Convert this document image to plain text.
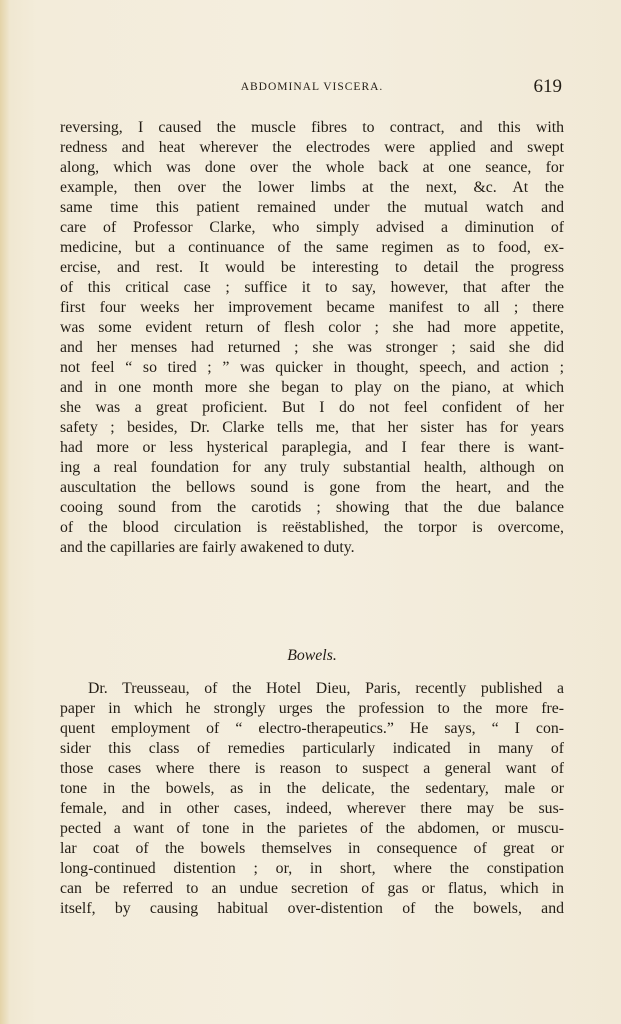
ABDOMINAL VISCERA.	619
reversing, I caused the muscle fibres to contract, and this with
redness and heat wherever the electrodes were applied and swept
along, which was done over the whole back at one seance, for
example, then over the lower limbs at the next, &c. At the
same time this patient remained under the mutual watch and
care of Professor Clarke, who simply advised a diminution of
medicine, but a continuance of the same regimen as to food, ex-
ercise, and rest. It would be interesting to detail the progress
of this critical case ; suffice it to say, however, that after the
first four weeks her improvement became manifest to all ; there
was some evident return of flesh color ; she had more appetite,
and her menses had returned ; she was stronger ; said she did
not feel “ so tired ; ” was quicker in thought, speech, and action ;
and in one month more she began to play on the piano, at which
she was a great proficient. But I do not feel confident of her
safety ; besides, Dr. Clarke tells me, that her sister has for years
had more or less hysterical paraplegia, and I fear there is want-
ing a real foundation for any truly substantial health, although on
auscultation the bellows sound is gone from the heart, and the
cooing sound from the carotids ; showing that the due balance
of the blood circulation is reëstablished, the torpor is overcome,
and the capillaries are fairly awakened to duty.
Bowels.
Dr. Treusseau, of the Hotel Dieu, Paris, recently published a
paper in which he strongly urges the profession to the more fre-
quent employment of “ electro-therapeutics.” He says, “ I con-
sider this class of remedies particularly indicated in many of
those cases where there is reason to suspect a general want of
tone in the bowels, as in the delicate, the sedentary, male or
female, and in other cases, indeed, wherever there may be sus-
pected a want of tone in the parietes of the abdomen, or muscu-
lar coat of the bowels themselves in consequence of great or
long-continued distention ; or, in short, where the constipation
can be referred to an undue secretion of gas or flatus, which in
itself, by causing habitual over-distention of the bowels, and
